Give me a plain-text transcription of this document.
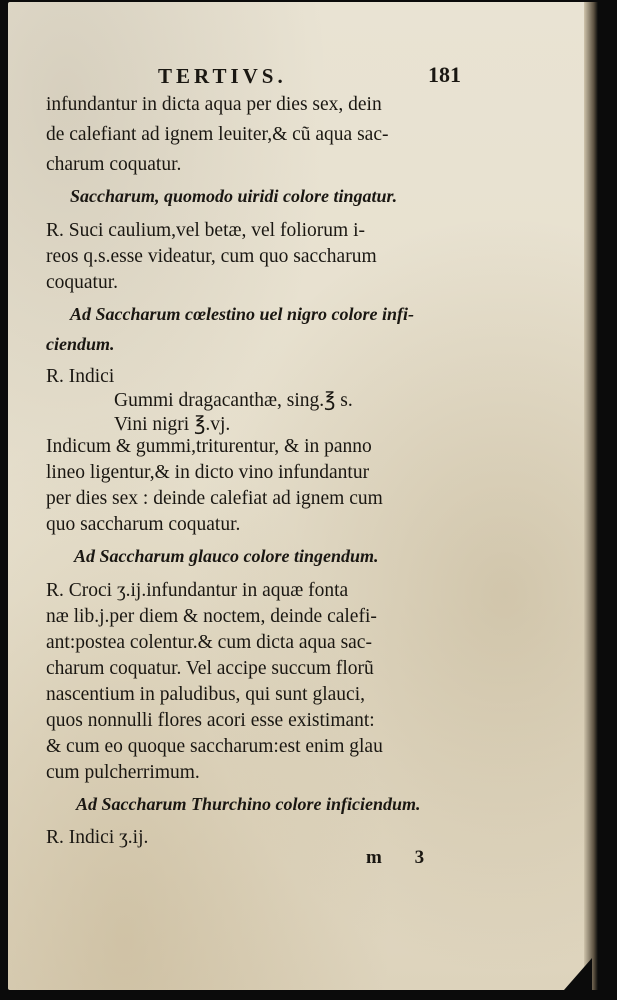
TERTIVS.	181
infundantur in dicta aqua per dies sex, dein
de calefiant ad ignem leuiter,& cũ aqua sac-
charum coquatur.
Saccharum, quomodo uiridi colore tingatur.
R. Suci caulium,vel betæ, vel foliorum i-
reos q.s.esse videatur, cum quo saccharum
coquatur.
Ad Saccharum cœlestino uel nigro colore infi-
ciendum.
R. Indici
Gummi dragacanthæ, sing.℥ s.
Vini nigri ℥.vj.
Indicum & gummi,triturentur, & in panno
lineo ligentur,& in dicto vino infundantur
per dies sex : deinde calefiat ad ignem cum
quo saccharum coquatur.
Ad Saccharum glauco colore tingendum.
R. Croci ʒ.ij.infundantur in aquæ fonta
næ lib.j.per diem & noctem, deinde calefi-
ant:postea colentur.& cum dicta aqua sac-
charum coquatur. Vel accipe succum florũ
nascentium in paludibus, qui sunt glauci,
quos nonnulli flores acori esse existimant:
& cum eo quoque saccharum:est enim glau
cum pulcherrimum.
Ad Saccharum Thurchino colore inficiendum.
R. Indici ʒ.ij.
m 3
